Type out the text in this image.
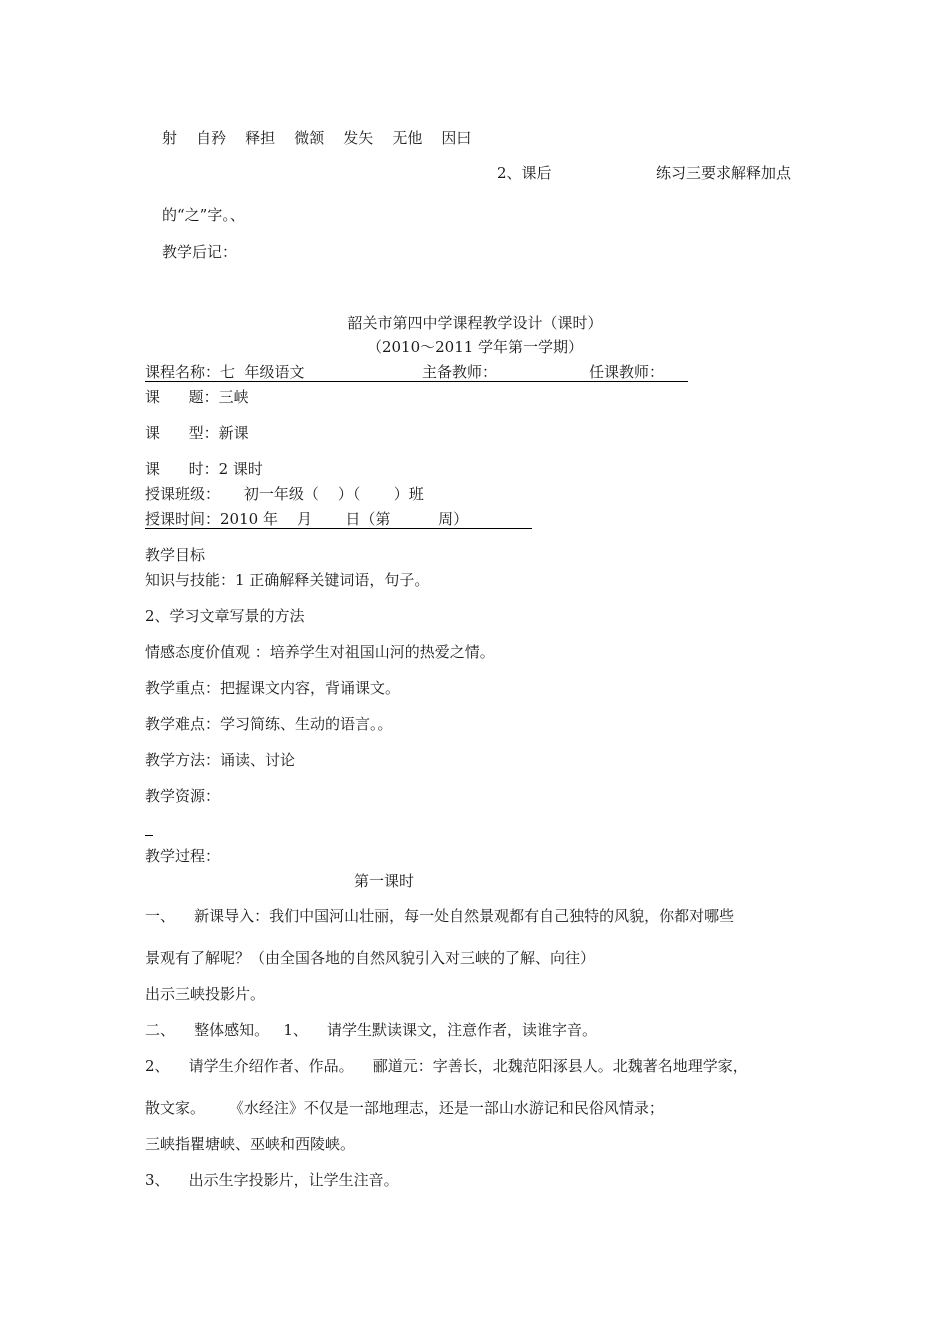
射    自矜    释担    微颔    发矢    无他    因曰
2、课后	练习三要求解释加点
的“之”字。、
教学后记：
韶关市第四中学课程教学设计（课时）
（2010～2011 学年第一学期）
课程名称：七  年级语文	主备教师：	任课教师：
课      题：三峡
课      型：新课
课      时：2 课时
授课班级：     初一年级（    ）（       ）班
授课时间：2010 年    月       日（第          周）
教学目标
知识与技能：1 正确解释关键词语，句子。
2、学习文章写景的方法
情感态度价值观 ：培养学生对祖国山河的热爱之情。
教学重点：把握课文内容，背诵课文。
教学难点：学习简练、生动的语言。。
教学方法：诵读、讨论
教学资源：
教学过程：
第一课时
一、    新课导入：我们中国河山壮丽，每一处自然景观都有自己独特的风貌，你都对哪些
景观有了解呢？（由全国各地的自然风貌引入对三峡的了解、向往）
出示三峡投影片。
二、    整体感知。   1、    请学生默读课文，注意作者，读谁字音。
2、    请学生介绍作者、作品。    郦道元：字善长，北魏范阳涿县人。北魏著名地理学家，
散文家。     《水经注》不仅是一部地理志，还是一部山水游记和民俗风情录；
三峡指瞿塘峡、巫峡和西陵峡。
3、    出示生字投影片，让学生注音。
